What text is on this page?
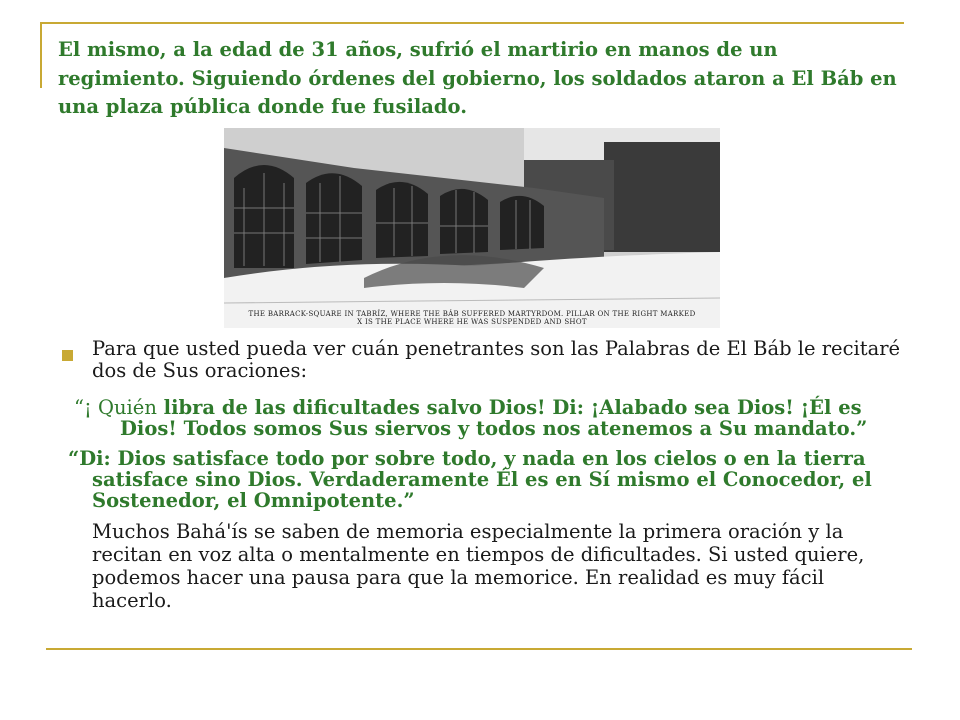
El mismo, a la edad de 31 años, sufrió el martirio en manos de un regimiento. Siguiendo órdenes del gobierno, los soldados ataron a El Báb en una plaza pública donde fue fusilado.

THE BARRACK-SQUARE IN TABRÍZ, WHERE THE BÁB SUFFERED MARTYRDOM. PILLAR ON THE RIGHT MARKED
X IS THE PLACE WHERE HE WAS SUSPENDED AND SHOT

Para que usted pueda ver cuán penetrantes son las Palabras de El Báb le recitaré dos de Sus oraciones:

“¡ Quién libra de las dificultades salvo Dios! Di: ¡Alabado sea Dios! ¡Él es Dios! Todos somos Sus siervos y todos nos atenemos a Su mandato.”

“Di: Dios satisface todo por sobre todo, y nada en los cielos o en la tierra satisface sino Dios. Verdaderamente Él es en Sí mismo el Conocedor, el Sostenedor, el Omnipotente.”

Muchos Bahá'ís se saben de memoria especialmente la primera oración y la recitan en voz alta o mentalmente en tiempos de dificultades. Si usted quiere, podemos hacer una pausa para que la memorice. En realidad es muy fácil hacerlo.
